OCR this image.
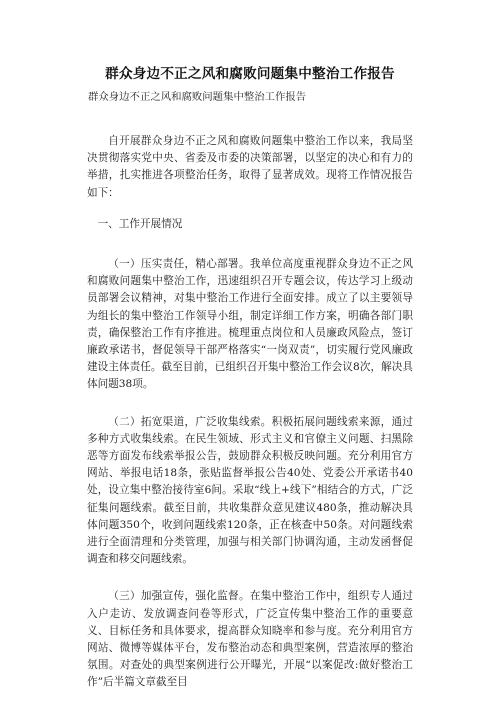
群众身边不正之风和腐败问题集中整治工作报告
群众身边不正之风和腐败问题集中整治工作报告

自开展群众身边不正之风和腐败问题集中整治工作以来，我局坚决贯彻落实党中央、省委及市委的决策部署，以坚定的决心和有力的举措，扎实推进各项整治任务，取得了显著成效。现将工作情况报告如下：

一、工作开展情况

（一）压实责任，精心部署。我单位高度重视群众身边不正之风和腐败问题集中整治工作，迅速组织召开专题会议，传达学习上级动员部署会议精神，对集中整治工作进行全面安排。成立了以主要领导为组长的集中整治工作领导小组，制定详细工作方案，明确各部门职责，确保整治工作有序推进。梳理重点岗位和人员廉政风险点，签订廉政承诺书，督促领导干部严格落实“一岗双责”，切实履行党风廉政建设主体责任。截至目前，已组织召开集中整治工作会议8次，解决具体问题38项。

（二）拓宽渠道，广泛收集线索。积极拓展问题线索来源，通过多种方式收集线索。在民生领域、形式主义和官僚主义问题、扫黑除恶等方面发布线索举报公告，鼓励群众积极反映问题。充分利用官方网站、举报电话18条，张贴监督举报公告40处、党委公开承诺书40处，设立集中整治接待室6间。采取“线上+线下”相结合的方式，广泛征集问题线索。截至目前，共收集群众意见建议480条，推动解决具体问题350个，收到问题线索120条，正在核查中50条。对问题线索进行全面清理和分类管理，加强与相关部门协调沟通，主动发函督促调查和移交问题线索。

（三）加强宣传，强化监督。在集中整治工作中，组织专人通过入户走访、发放调查问卷等形式，广泛宣传集中整治工作的重要意义、目标任务和具体要求，提高群众知晓率和参与度。充分利用官方网站、微博等媒体平台，发布整治动态和典型案例，营造浓厚的整治氛围。对查处的典型案例进行公开曝光，开展“以案促改:做好整治工作”后半篇文章截至目
